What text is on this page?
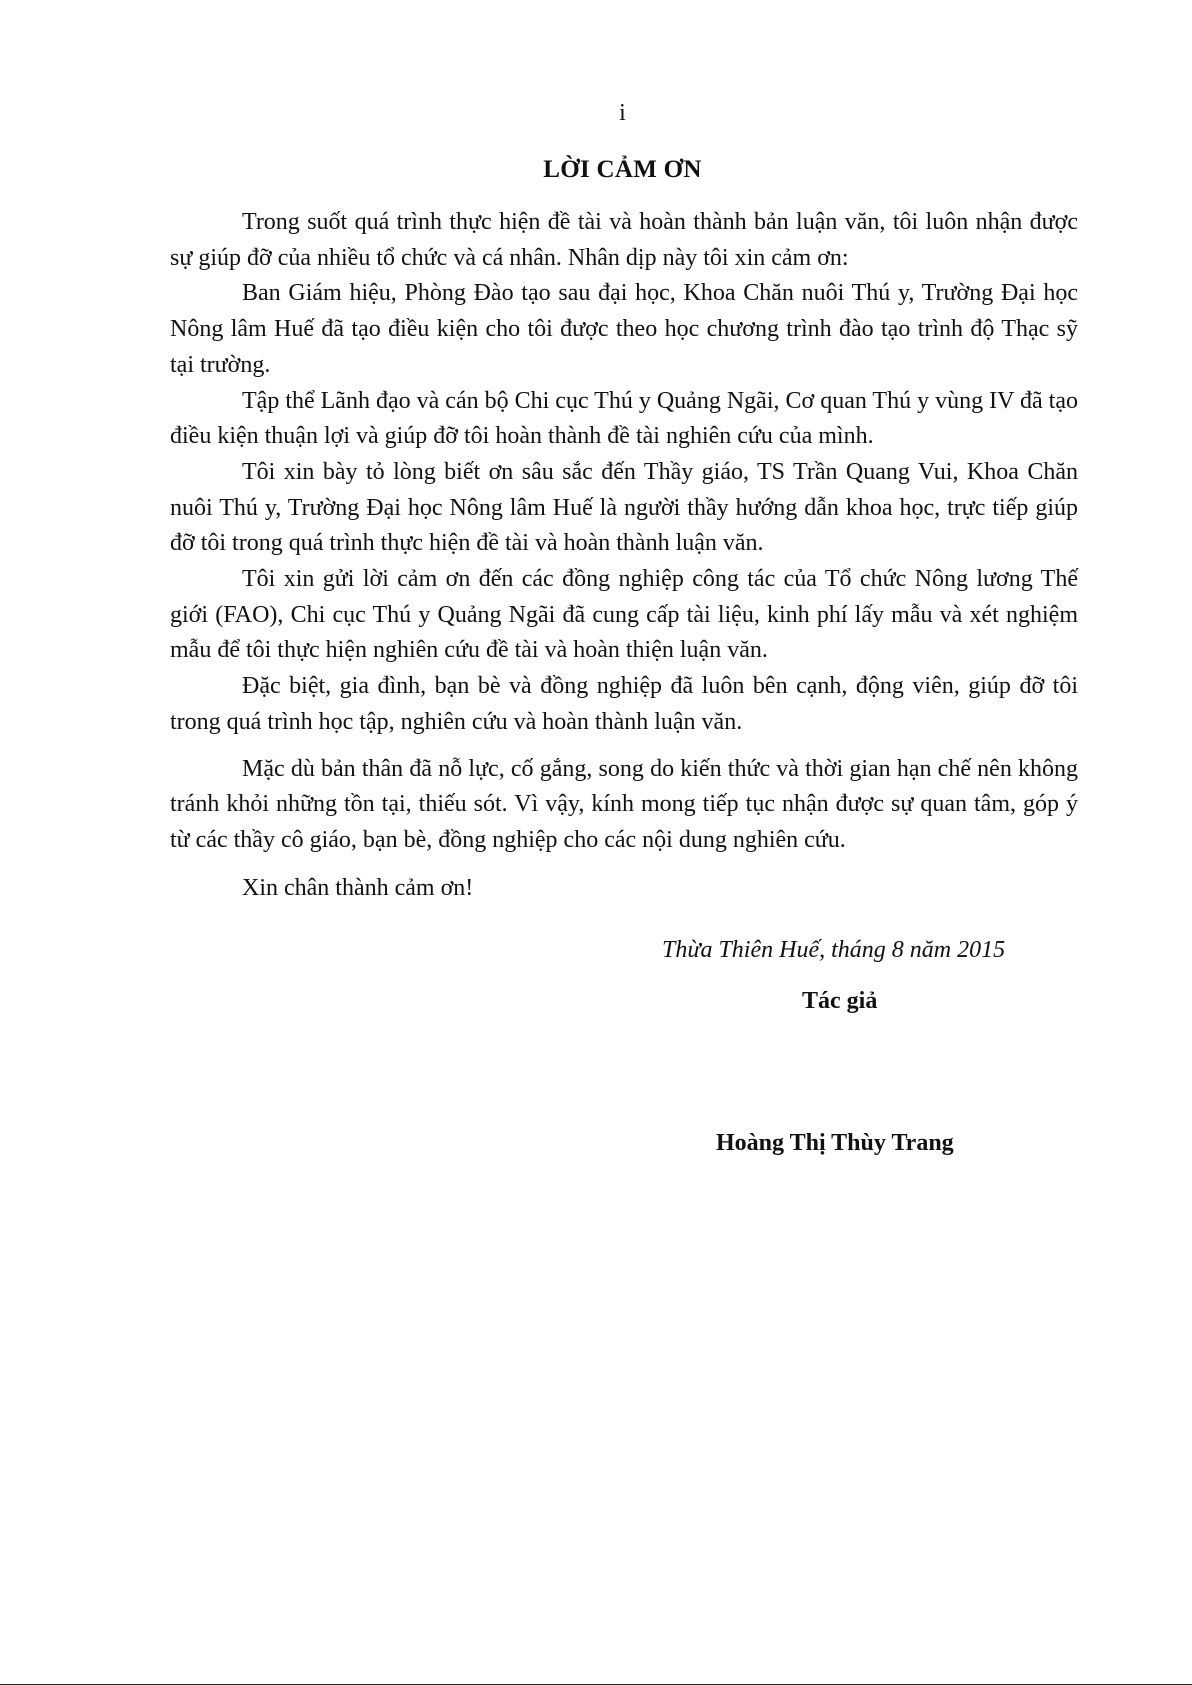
i
LỜI CẢM ƠN

Trong suốt quá trình thực hiện đề tài và hoàn thành bản luận văn, tôi luôn nhận được sự giúp đỡ của nhiều tổ chức và cá nhân. Nhân dịp này tôi xin cảm ơn:

Ban Giám hiệu, Phòng Đào tạo sau đại học, Khoa Chăn nuôi Thú y, Trường Đại học Nông lâm Huế đã tạo điều kiện cho tôi được theo học chương trình đào tạo trình độ Thạc sỹ tại trường.

Tập thể Lãnh đạo và cán bộ Chi cục Thú y Quảng Ngãi, Cơ quan Thú y vùng IV đã tạo điều kiện thuận lợi và giúp đỡ tôi hoàn thành đề tài nghiên cứu của mình.

Tôi xin bày tỏ lòng biết ơn sâu sắc đến Thầy giáo, TS Trần Quang Vui, Khoa Chăn nuôi Thú y, Trường Đại học Nông lâm Huế là người thầy hướng dẫn khoa học, trực tiếp giúp đỡ tôi trong quá trình thực hiện đề tài và hoàn thành luận văn.

Tôi xin gửi lời cảm ơn đến các đồng nghiệp công tác của Tổ chức Nông lương Thế giới (FAO), Chi cục Thú y Quảng Ngãi đã cung cấp tài liệu, kinh phí lấy mẫu và xét nghiệm mẫu để tôi thực hiện nghiên cứu đề tài và hoàn thiện luận văn.

Đặc biệt, gia đình, bạn bè và đồng nghiệp đã luôn bên cạnh, động viên, giúp đỡ tôi trong quá trình học tập, nghiên cứu và hoàn thành luận văn.

Mặc dù bản thân đã nỗ lực, cố gắng, song do kiến thức và thời gian hạn chế nên không tránh khỏi những tồn tại, thiếu sót. Vì vậy, kính mong tiếp tục nhận được sự quan tâm, góp ý từ các thầy cô giáo, bạn bè, đồng nghiệp cho các nội dung nghiên cứu.

Xin chân thành cảm ơn!

Thừa Thiên Huế, tháng 8 năm 2015
Tác giả
Hoàng Thị Thùy Trang
